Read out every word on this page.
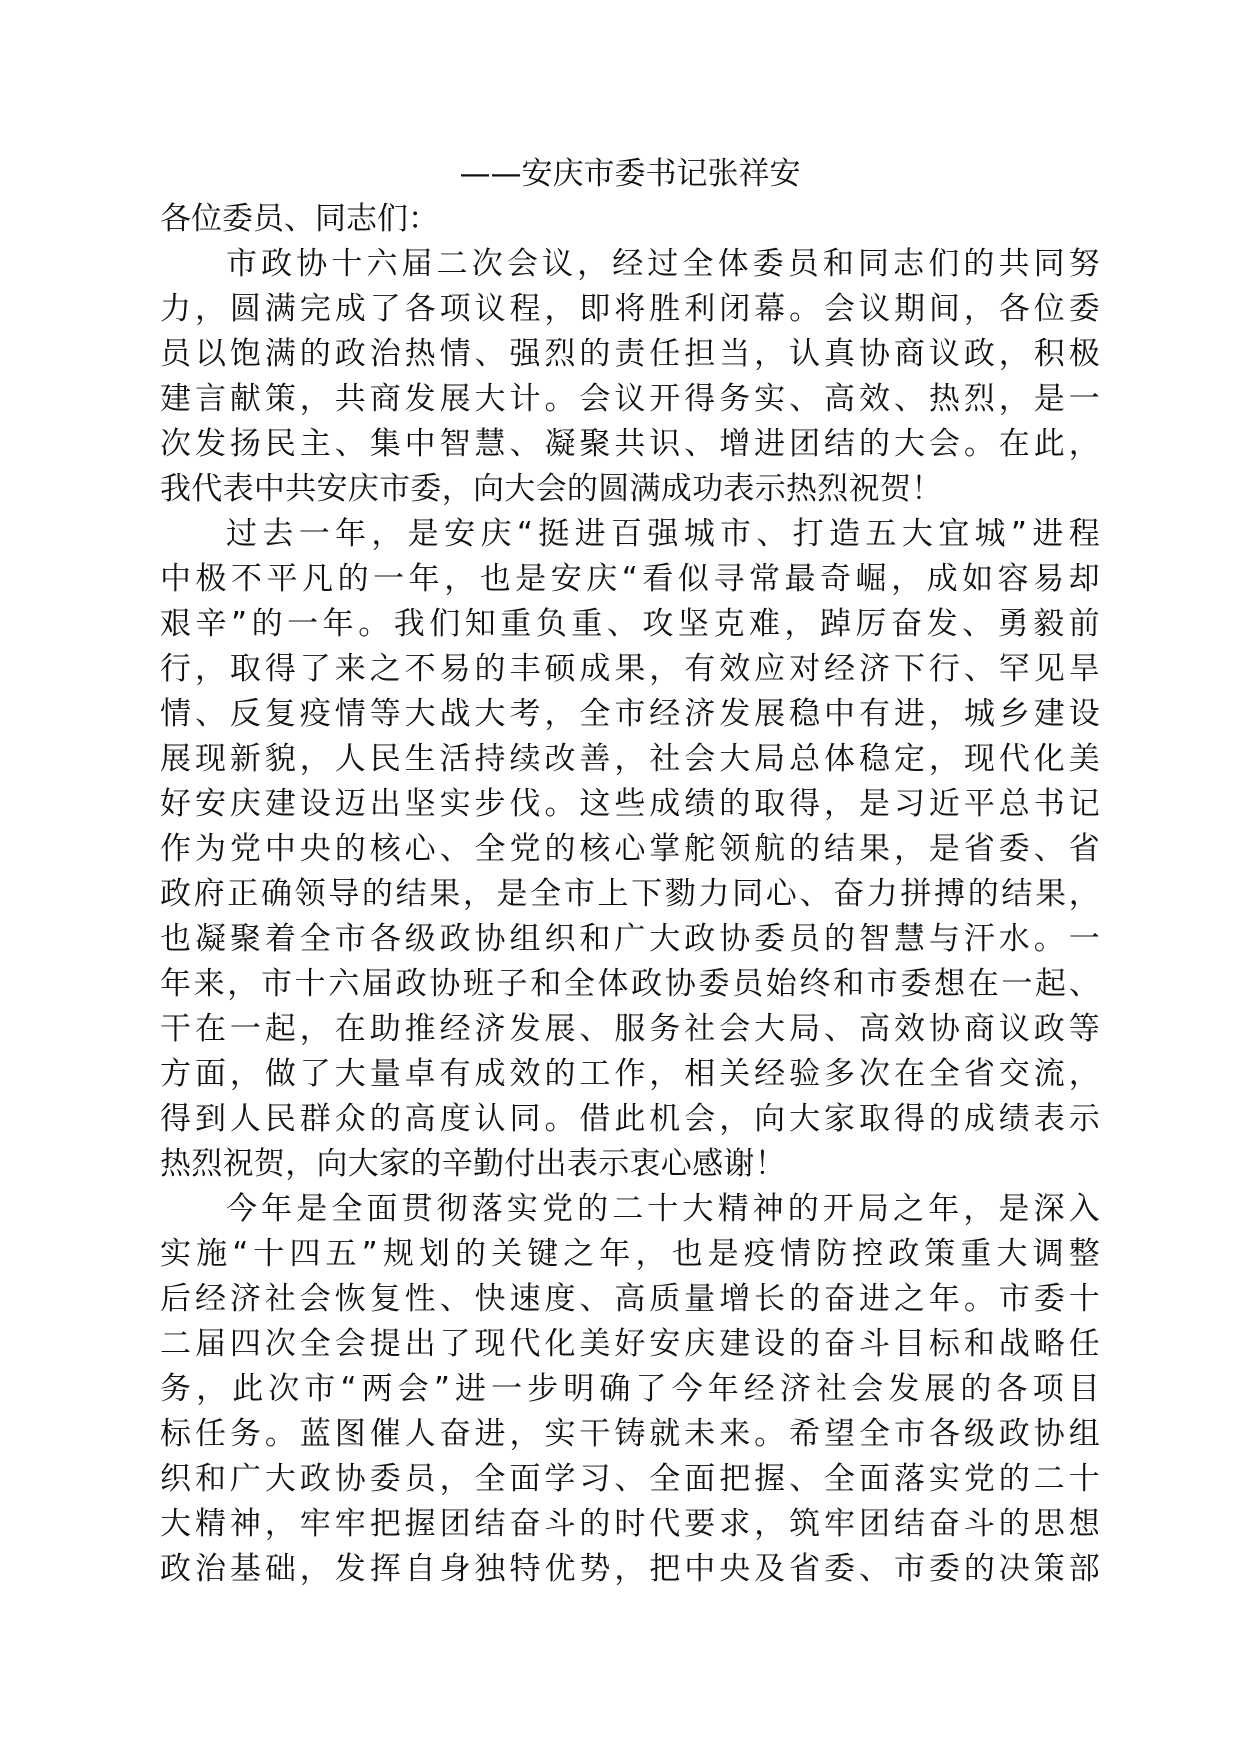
——安庆市委书记张祥安

各位委员、同志们：

市政协十六届二次会议，经过全体委员和同志们的共同努
力，圆满完成了各项议程，即将胜利闭幕。会议期间，各位委
员以饱满的政治热情、强烈的责任担当，认真协商议政，积极
建言献策，共商发展大计。会议开得务实、高效、热烈，是一
次发扬民主、集中智慧、凝聚共识、增进团结的大会。在此，
我代表中共安庆市委，向大会的圆满成功表示热烈祝贺！
过去一年，是安庆“挺进百强城市、打造五大宜城”进程
中极不平凡的一年，也是安庆“看似寻常最奇崛，成如容易却
艰辛”的一年。我们知重负重、攻坚克难，踔厉奋发、勇毅前
行，取得了来之不易的丰硕成果，有效应对经济下行、罕见旱
情、反复疫情等大战大考，全市经济发展稳中有进，城乡建设
展现新貌，人民生活持续改善，社会大局总体稳定，现代化美
好安庆建设迈出坚实步伐。这些成绩的取得，是习近平总书记
作为党中央的核心、全党的核心掌舵领航的结果，是省委、省
政府正确领导的结果，是全市上下勠力同心、奋力拼搏的结果，
也凝聚着全市各级政协组织和广大政协委员的智慧与汗水。一
年来，市十六届政协班子和全体政协委员始终和市委想在一起、
干在一起，在助推经济发展、服务社会大局、高效协商议政等
方面，做了大量卓有成效的工作，相关经验多次在全省交流，
得到人民群众的高度认同。借此机会，向大家取得的成绩表示
热烈祝贺，向大家的辛勤付出表示衷心感谢！
今年是全面贯彻落实党的二十大精神的开局之年，是深入
实施“十四五”规划的关键之年，也是疫情防控政策重大调整
后经济社会恢复性、快速度、高质量增长的奋进之年。市委十
二届四次全会提出了现代化美好安庆建设的奋斗目标和战略任
务，此次市“两会”进一步明确了今年经济社会发展的各项目
标任务。蓝图催人奋进，实干铸就未来。希望全市各级政协组
织和广大政协委员，全面学习、全面把握、全面落实党的二十
大精神，牢牢把握团结奋斗的时代要求，筑牢团结奋斗的思想
政治基础，发挥自身独特优势，把中央及省委、市委的决策部
